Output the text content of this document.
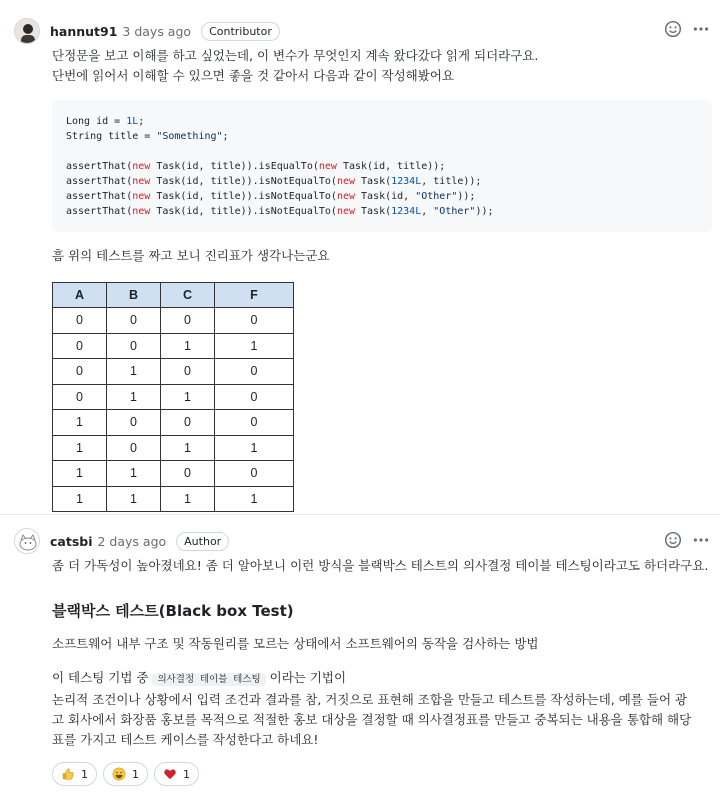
hannut91 3 days ago	Contributor
단정문을 보고 이해를 하고 싶었는데, 이 변수가 무엇인지 계속 왔다갔다 읽게 되더라구요.
단번에 읽어서 이해할 수 있으면 좋을 것 같아서 다음과 같이 작성해봤어요
Long id = 1L;
String title = "Something";

assertThat(new Task(id, title)).isEqualTo(new Task(id, title));
assertThat(new Task(id, title)).isNotEqualTo(new Task(1234L, title));
assertThat(new Task(id, title)).isNotEqualTo(new Task(id, "Other"));
assertThat(new Task(id, title)).isNotEqualTo(new Task(1234L, "Other"));
흠 위의 테스트를 짜고 보니 진리표가 생각나는군요
A	B	C	F
0	0	0	0
0	0	1	1
0	1	0	0
0	1	1	0
1	0	0	0
1	0	1	1
1	1	0	0
1	1	1	1
catsbi 2 days ago	Author
좀 더 가독성이 높아졌네요! 좀 더 알아보니 이런 방식을 블랙박스 테스트의 의사결정 테이블 테스팅이라고도 하더라구요.
블랙박스 테스트(Black box Test)
소프트웨어 내부 구조 및 작동원리를 모르는 상태에서 소프트웨어의 동작을 검사하는 방법
이 테스팅 기법 중 의사결정 테이블 테스팅 이라는 기법이
논리적 조건이나 상황에서 입력 조건과 결과를 참, 거짓으로 표현해 조합을 만들고 테스트를 작성하는데, 예를 들어 광
고 회사에서 화장품 홍보를 목적으로 적절한 홍보 대상을 결정할 때 의사결정표를 만들고 중복되는 내용을 통합해 해당
표를 가지고 테스트 케이스를 작성한다고 하네요!
1	1	1
